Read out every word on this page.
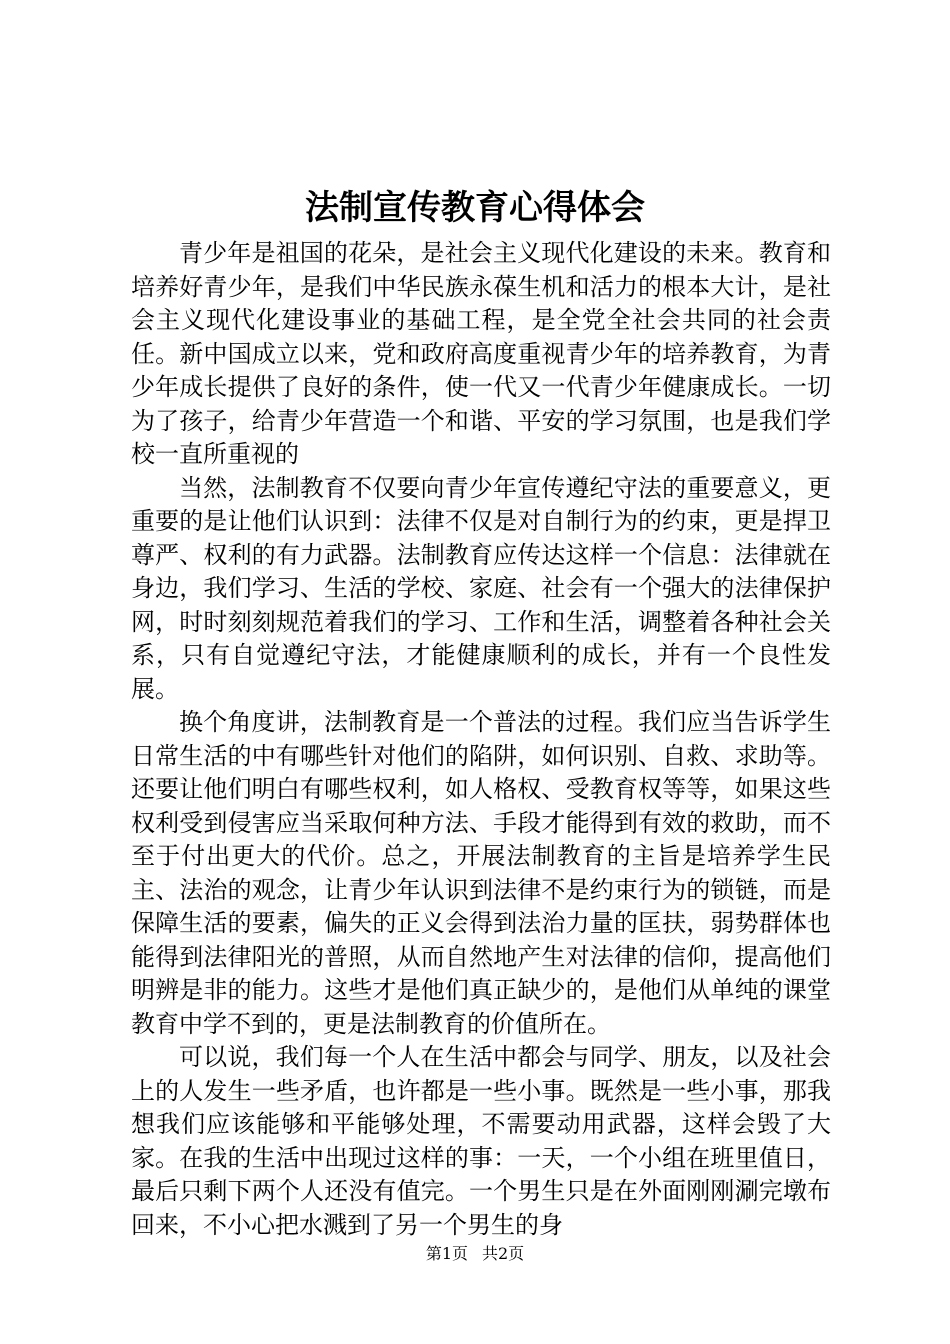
法制宣传教育心得体会

青少年是祖国的花朵，是社会主义现代化建设的未来。教育和培养好青少年，是我们中华民族永葆生机和活力的根本大计，是社会主义现代化建设事业的基础工程，是全党全社会共同的社会责任。新中国成立以来，党和政府高度重视青少年的培养教育，为青少年成长提供了良好的条件，使一代又一代青少年健康成长。一切为了孩子，给青少年营造一个和谐、平安的学习氛围，也是我们学校一直所重视的

当然，法制教育不仅要向青少年宣传遵纪守法的重要意义，更重要的是让他们认识到：法律不仅是对自制行为的约束，更是捍卫尊严、权利的有力武器。法制教育应传达这样一个信息：法律就在身边，我们学习、生活的学校、家庭、社会有一个强大的法律保护网，时时刻刻规范着我们的学习、工作和生活，调整着各种社会关系，只有自觉遵纪守法，才能健康顺利的成长，并有一个良性发展。

换个角度讲，法制教育是一个普法的过程。我们应当告诉学生日常生活的中有哪些针对他们的陷阱，如何识别、自救、求助等。还要让他们明白有哪些权利，如人格权、受教育权等等，如果这些权利受到侵害应当采取何种方法、手段才能得到有效的救助，而不至于付出更大的代价。总之，开展法制教育的主旨是培养学生民主、法治的观念，让青少年认识到法律不是约束行为的锁链，而是保障生活的要素，偏失的正义会得到法治力量的匡扶，弱势群体也能得到法律阳光的普照，从而自然地产生对法律的信仰，提高他们明辨是非的能力。这些才是他们真正缺少的，是他们从单纯的课堂教育中学不到的，更是法制教育的价值所在。

可以说，我们每一个人在生活中都会与同学、朋友，以及社会上的人发生一些矛盾，也许都是一些小事。既然是一些小事，那我想我们应该能够和平能够处理，不需要动用武器，这样会毁了大家。在我的生活中出现过这样的事：一天，一个小组在班里值日，最后只剩下两个人还没有值完。一个男生只是在外面刚刚涮完墩布回来，不小心把水溅到了另一个男生的身

第1页 共2页
